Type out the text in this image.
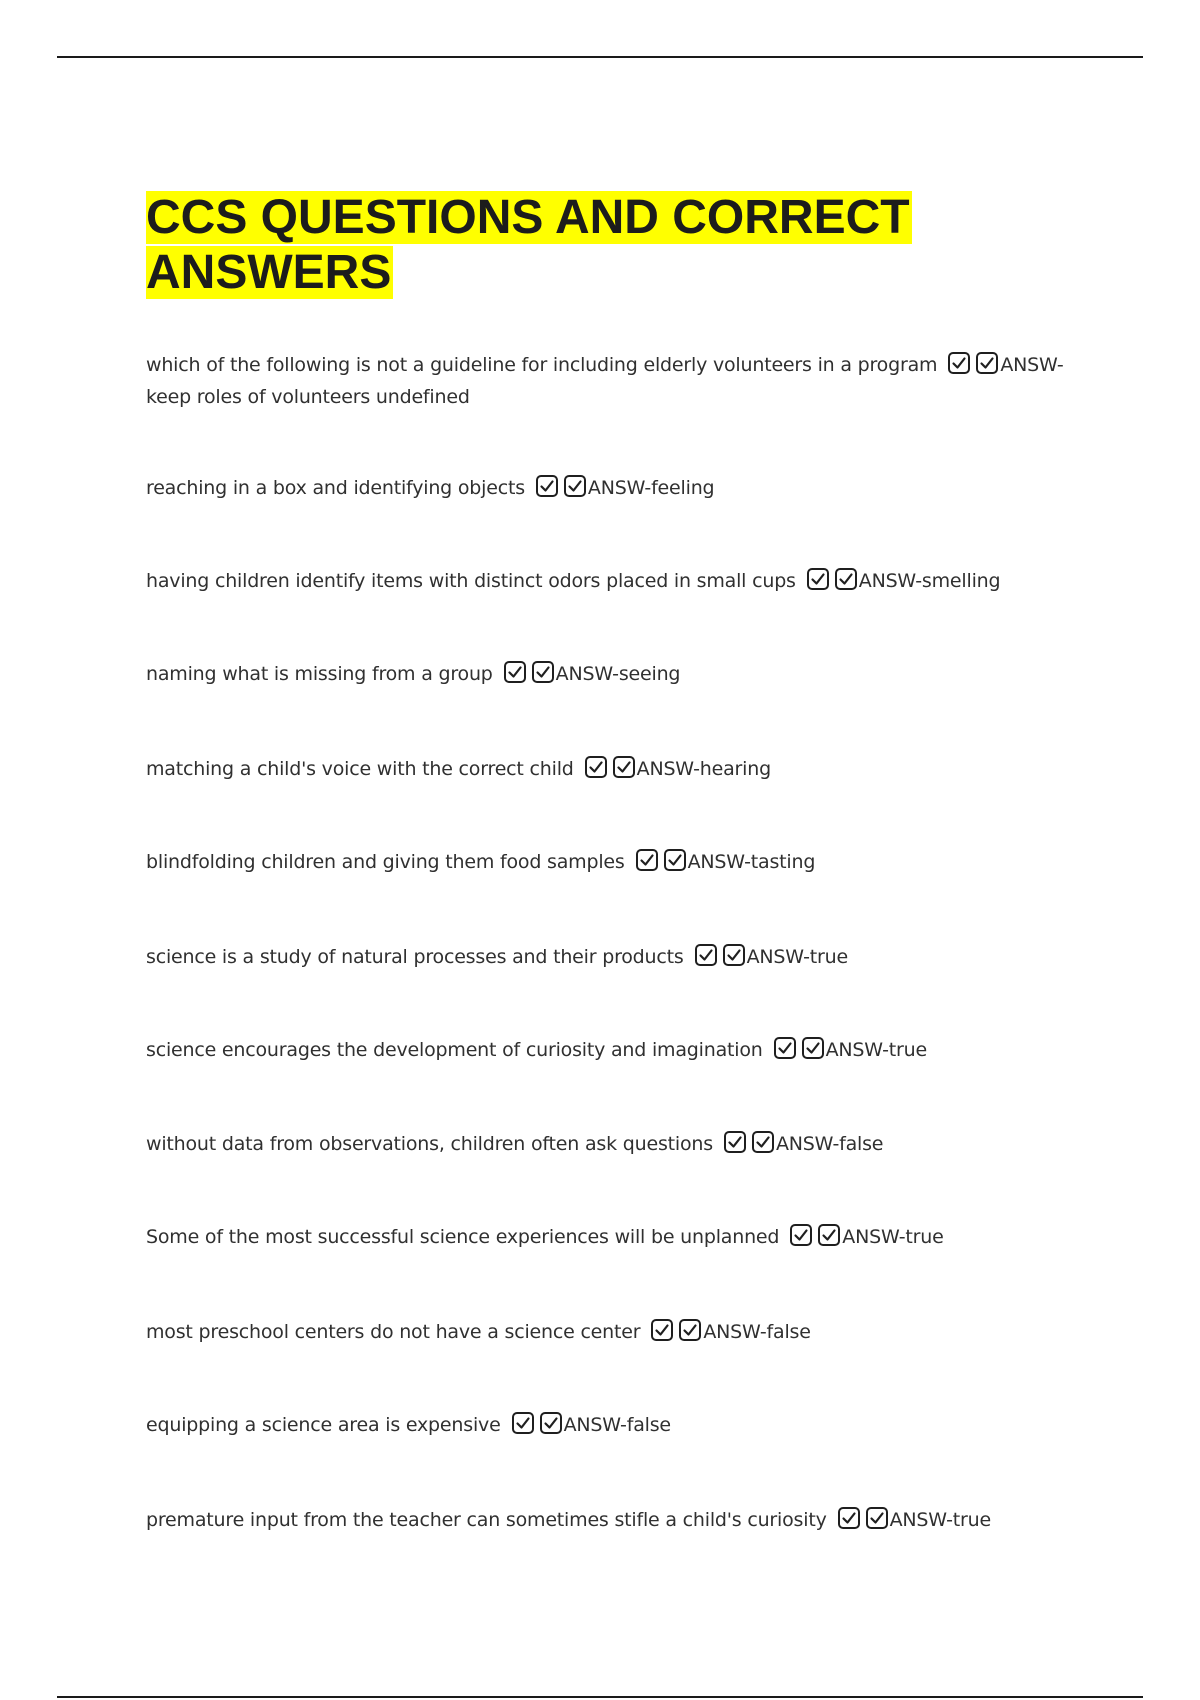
CCS QUESTIONS AND CORRECT ANSWERS
which of the following is not a guideline for including elderly volunteers in a program	ANSW-keep roles of volunteers undefined
reaching in a box and identifying objects	ANSW-feeling
having children identify items with distinct odors placed in small cups	ANSW-smelling
naming what is missing from a group	ANSW-seeing
matching a child's voice with the correct child	ANSW-hearing
blindfolding children and giving them food samples	ANSW-tasting
science is a study of natural processes and their products	ANSW-true
science encourages the development of curiosity and imagination	ANSW-true
without data from observations, children often ask questions	ANSW-false
Some of the most successful science experiences will be unplanned	ANSW-true
most preschool centers do not have a science center	ANSW-false
equipping a science area is expensive	ANSW-false
premature input from the teacher can sometimes stifle a child's curiosity	ANSW-true
